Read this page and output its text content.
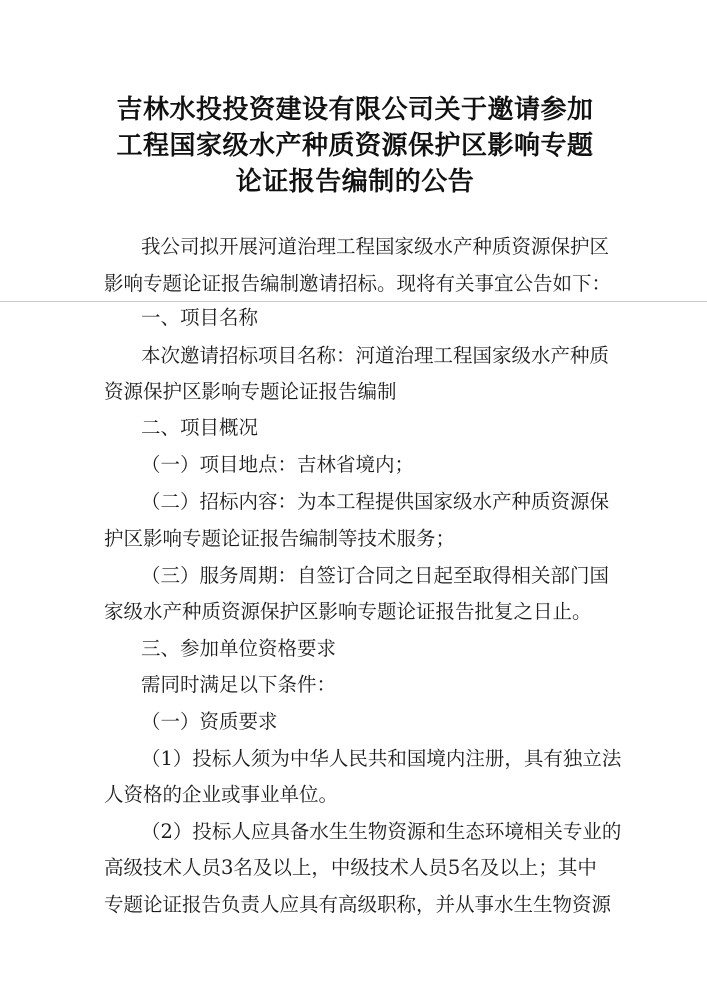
吉林水投投资建设有限公司关于邀请参加
工程国家级水产种质资源保护区影响专题
论证报告编制的公告
我公司拟开展河道治理工程国家级水产种质资源保护区
影响专题论证报告编制邀请招标。现将有关事宜公告如下：
一、项目名称
本次邀请招标项目名称：河道治理工程国家级水产种质
资源保护区影响专题论证报告编制
二、项目概况
（一）项目地点：吉林省境内；
（二）招标内容：为本工程提供国家级水产种质资源保
护区影响专题论证报告编制等技术服务；
（三）服务周期：自签订合同之日起至取得相关部门国
家级水产种质资源保护区影响专题论证报告批复之日止。
三、参加单位资格要求
需同时满足以下条件：
（一）资质要求
（1）投标人须为中华人民共和国境内注册，具有独立法
人资格的企业或事业单位。
（2）投标人应具备水生生物资源和生态环境相关专业的
高级技术人员3名及以上，中级技术人员5名及以上；其中
专题论证报告负责人应具有高级职称，并从事水生生物资源
